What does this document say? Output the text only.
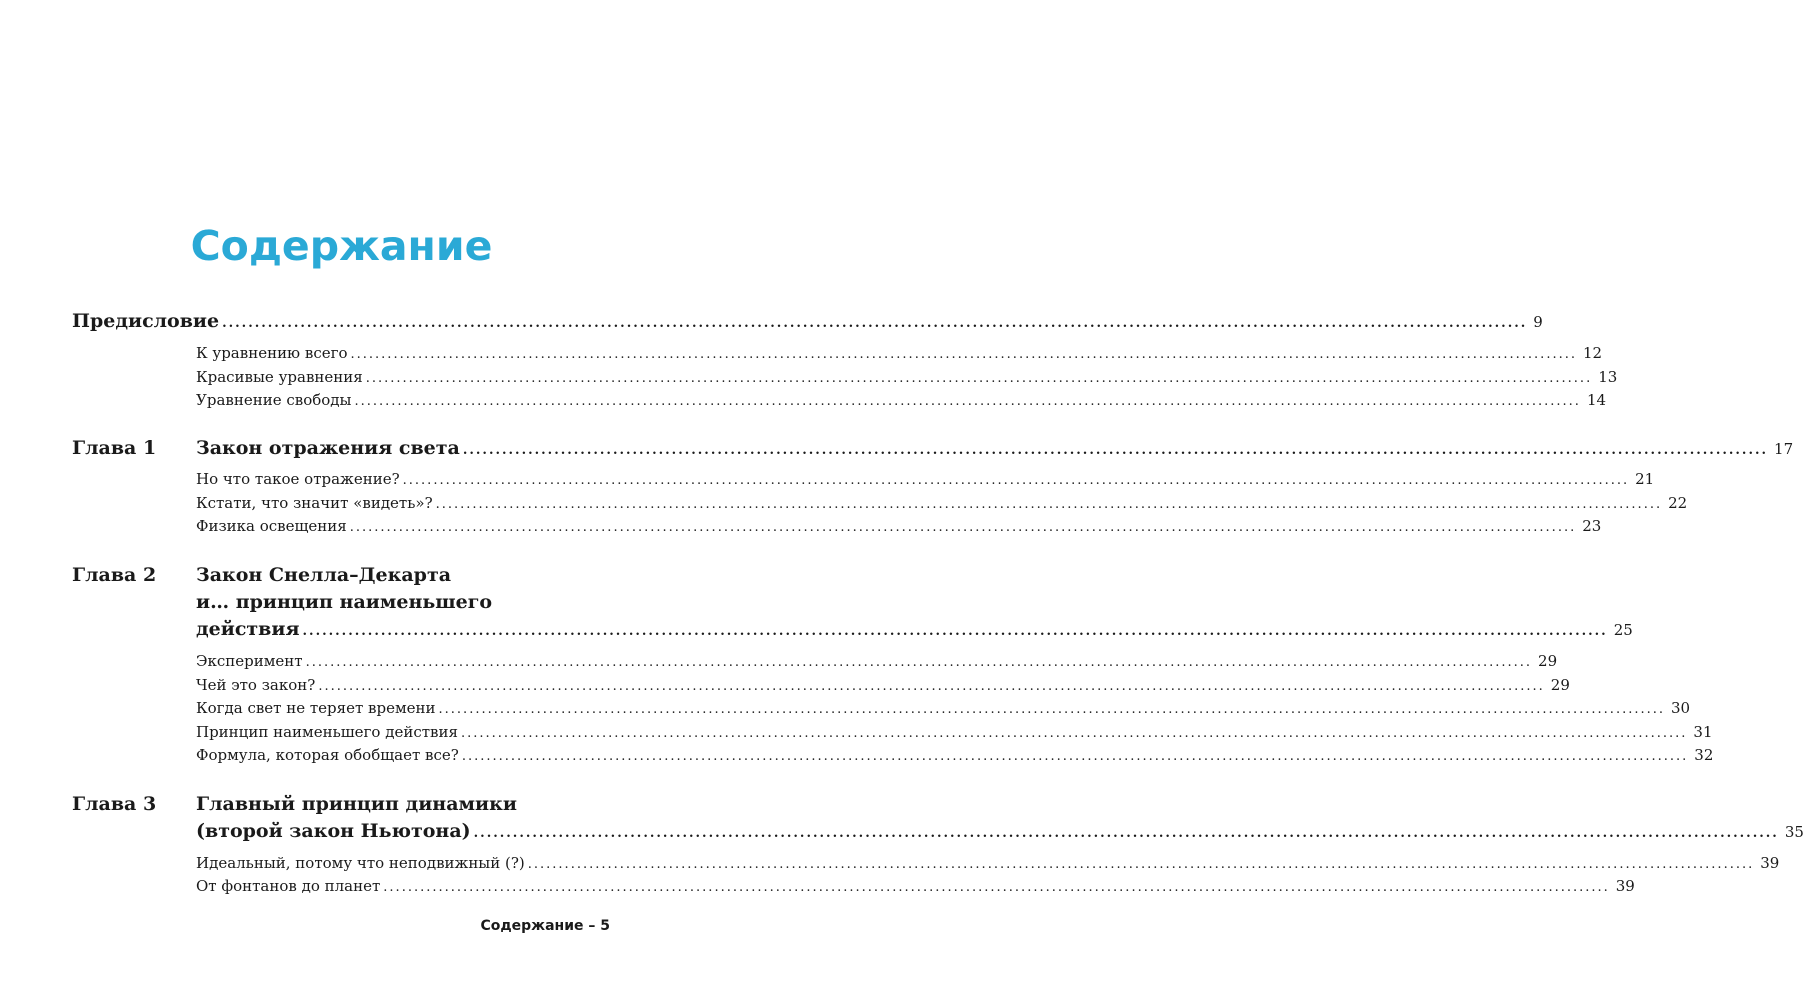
Содержание
Предисловие ........................................................................................................................................................................................................ 9
К уравнению всего ........................................................................................................................................................................................................ 12
Красивые уравнения ........................................................................................................................................................................................................ 13
Уравнение свободы ........................................................................................................................................................................................................ 14
Глава 1 Закон отражения света ........................................................................................................................................................................................................ 17
Но что такое отражение? ........................................................................................................................................................................................................ 21
Кстати, что значит «видеть»? ........................................................................................................................................................................................................ 22
Физика освещения ........................................................................................................................................................................................................ 23
Глава 2 Закон Снелла–Декарта
и… принцип наименьшего
действия ........................................................................................................................................................................................................ 25
Эксперимент ........................................................................................................................................................................................................ 29
Чей это закон? ........................................................................................................................................................................................................ 29
Когда свет не теряет времени ........................................................................................................................................................................................................ 30
Принцип наименьшего действия ........................................................................................................................................................................................................ 31
Формула, которая обобщает все? ........................................................................................................................................................................................................ 32
Глава 3 Главный принцип динамики
(второй закон Ньютона) ........................................................................................................................................................................................................ 35
Идеальный, потому что неподвижный (?) ........................................................................................................................................................................................................ 39
От фонтанов до планет ........................................................................................................................................................................................................ 39
Содержание – 5
